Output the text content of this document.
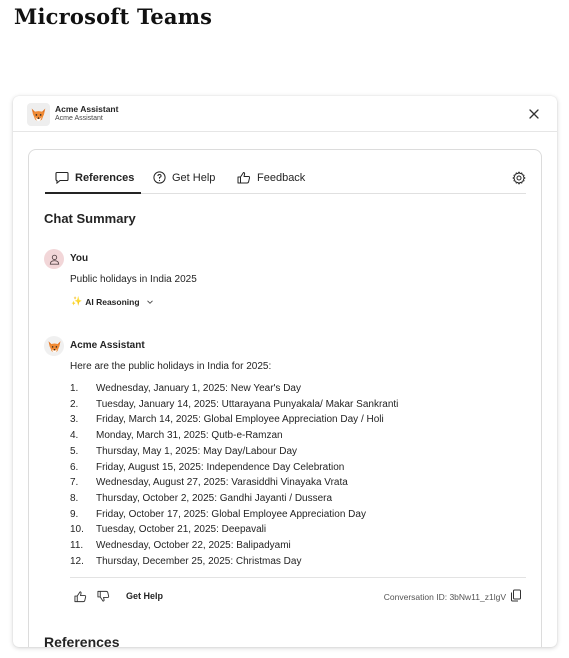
Microsoft Teams
Acme Assistant
Acme Assistant
References	Get Help	Feedback
Chat Summary
You
Public holidays in India 2025
✨ AI Reasoning
Acme Assistant
Here are the public holidays in India for 2025:
1.	Wednesday, January 1, 2025: New Year's Day
2.	Tuesday, January 14, 2025: Uttarayana Punyakala/ Makar Sankranti
3.	Friday, March 14, 2025: Global Employee Appreciation Day / Holi
4.	Monday, March 31, 2025: Qutb-e-Ramzan
5.	Thursday, May 1, 2025: May Day/Labour Day
6.	Friday, August 15, 2025: Independence Day Celebration
7.	Wednesday, August 27, 2025: Varasiddhi Vinayaka Vrata
8.	Thursday, October 2, 2025: Gandhi Jayanti / Dussera
9.	Friday, October 17, 2025: Global Employee Appreciation Day
10.	Tuesday, October 21, 2025: Deepavali
11.	Wednesday, October 22, 2025: Balipadyami
12.	Thursday, December 25, 2025: Christmas Day
Get Help	Conversation ID: 3bNw11_z1lgV
References
